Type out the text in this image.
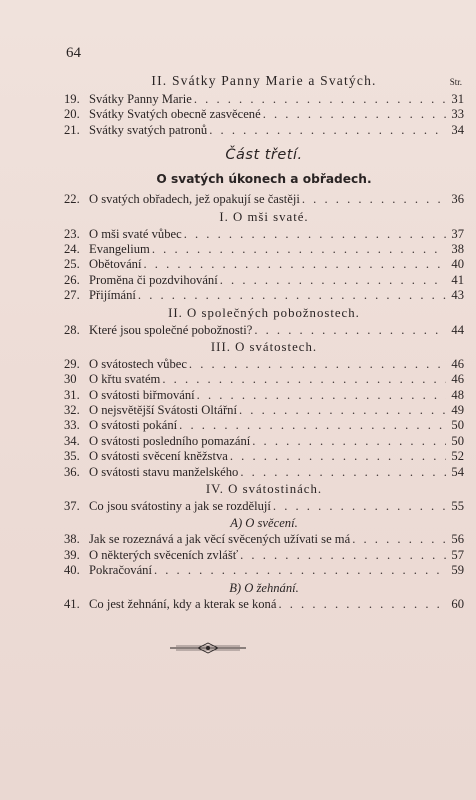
64
II. Svátky Panny Marie a Svatých.	Str.
19. Svátky Panny Marie . . .	31
20. Svátky Svatých obecně zasvěcené . . .	33
21. Svátky svatých patronů . . .	34
Část třetí.
O svatých úkonech a obřadech.
22. O svatých obřadech, jež opakují se častěji . . .	36
I. O mši svaté.
23. O mši svaté vůbec . . .	37
24. Evangelium . . .	38
25. Obětování . . .	40
26. Proměna či pozdvihování . . .	41
27. Přijímání . . .	43
II. O společných pobožnostech.
28. Které jsou společné pobožnosti? . . .	44
III. O svátostech.
29. O svátostech vůbec . . .	46
30 O křtu svatém . . .	46
31. O svátosti biřmování . . .	48
32. O nejsvětější Svátosti Oltářní . . .	49
33. O svátosti pokání . . .	50
34. O svátosti posledního pomazání . . .	50
35. O svátosti svěcení kněžstva . . .	52
36. O svátosti stavu manželského . . .	54
IV. O svátostinách.
37. Co jsou svátostiny a jak se rozdělují . . .	55
A) O svěcení.
38. Jak se rozeznává a jak věcí svěcených užívati se má . . .	56
39. O některých svěceních zvlášť . . .	57
40. Pokračování . . .	59
B) O žehnání.
41. Co jest žehnání, kdy a kterak se koná . . .	60
